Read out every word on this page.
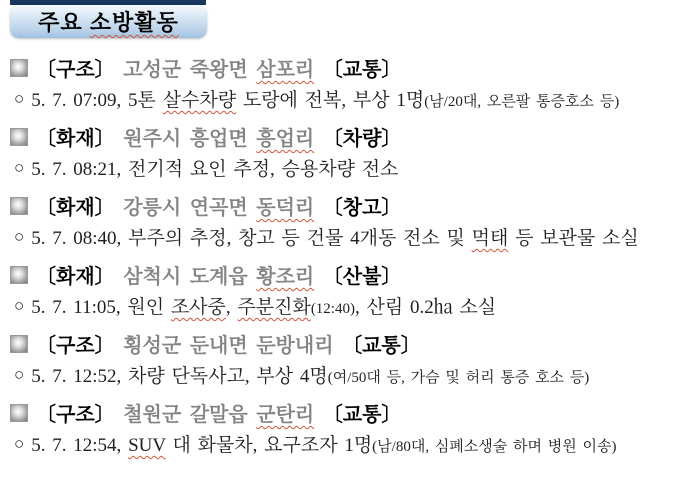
주요 소방활동
〔구조〕 고성군 죽왕면 삼포리 〔교통〕
○ 5. 7. 07:09, 5톤 살수차량 도랑에 전복, 부상 1명(남/20대, 오른팔 통증호소 등)
〔화재〕 원주시 흥업면 흥업리 〔차량〕
○ 5. 7. 08:21, 전기적 요인 추정, 승용차량 전소
〔화재〕 강릉시 연곡면 동덕리 〔창고〕
○ 5. 7. 08:40, 부주의 추정, 창고 등 건물 4개동 전소 및 먹태 등 보관물 소실
〔화재〕 삼척시 도계읍 황조리 〔산불〕
○ 5. 7. 11:05, 원인 조사중, 주분진화(12:40), 산림 0.2㏊ 소실
〔구조〕 횡성군 둔내면 둔방내리 〔교통〕
○ 5. 7. 12:52, 차량 단독사고, 부상 4명(여/50대 등, 가슴 및 허리 통증 호소 등)
〔구조〕 철원군 갈말읍 군탄리 〔교통〕
○ 5. 7. 12:54, SUV 대 화물차, 요구조자 1명(남/80대, 심폐소생술 하며 병원 이송)
